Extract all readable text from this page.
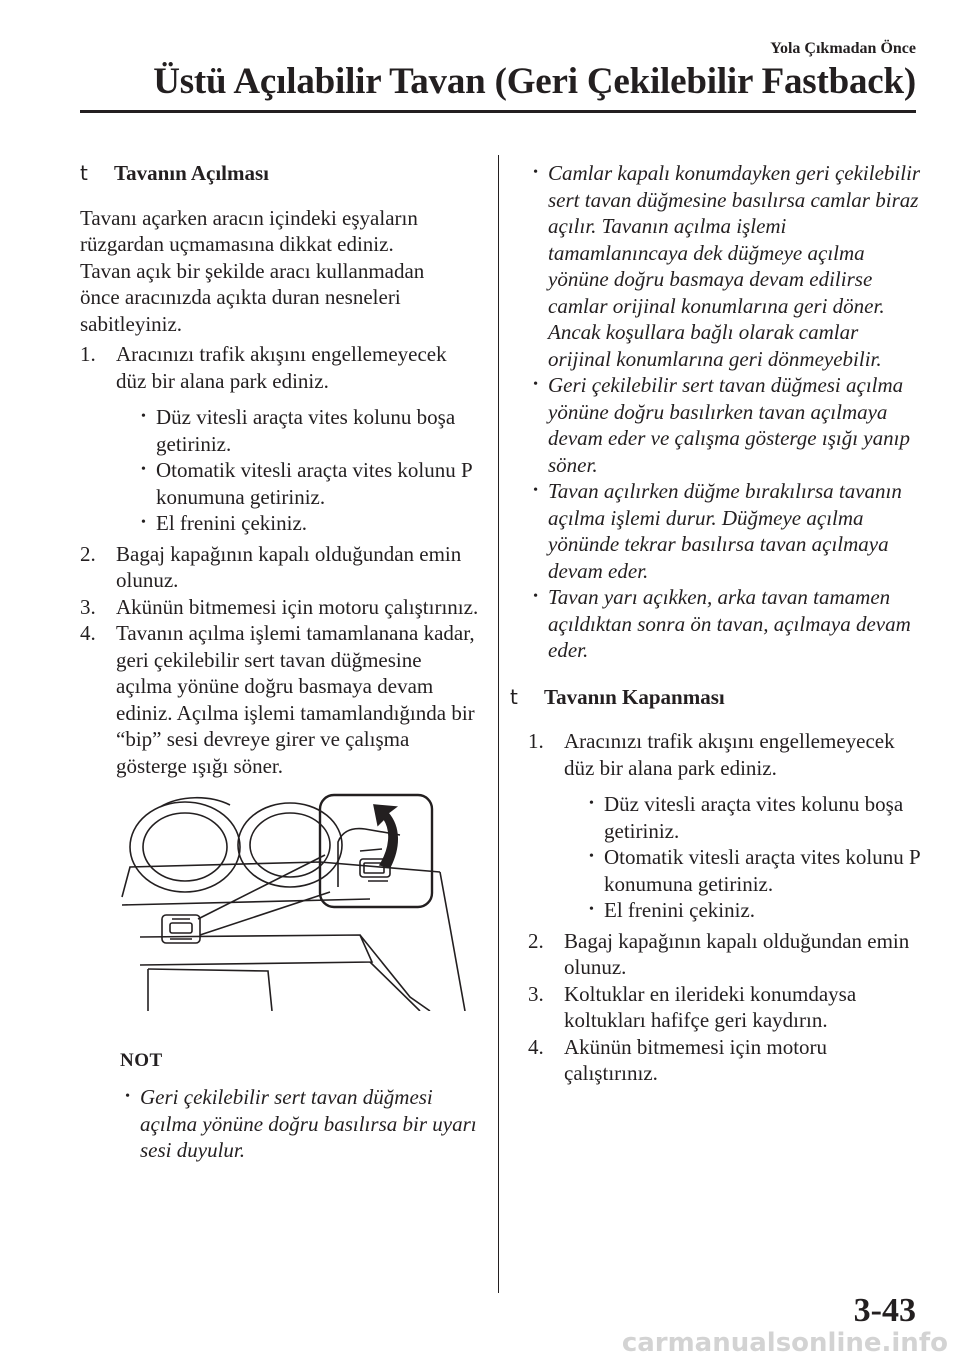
Yola Çıkmadan Önce
Üstü Açılabilir Tavan (Geri Çekilebilir Fastback)
t Tavanın Açılması
Tavanı açarken aracın içindeki eşyaların
rüzgardan uçmamasına dikkat ediniz.
Tavan açık bir şekilde aracı kullanmadan
önce aracınızda açıkta duran nesneleri
sabitleyiniz.
1. Aracınızı trafik akışını engellemeyecek düz bir alana park ediniz.
• Düz vitesli araçta vites kolunu boşa getiriniz.
• Otomatik vitesli araçta vites kolunu P konumuna getiriniz.
• El frenini çekiniz.
2. Bagaj kapağının kapalı olduğundan emin olunuz.
3. Akünün bitmemesi için motoru çalıştırınız.
4. Tavanın açılma işlemi tamamlanana kadar, geri çekilebilir sert tavan düğmesine açılma yönüne doğru basmaya devam ediniz. Açılma işlemi tamamlandığında bir “bip” sesi devreye girer ve çalışma gösterge ışığı söner.
NOT
• Geri çekilebilir sert tavan düğmesi açılma yönüne doğru basılırsa bir uyarı sesi duyulur.
• Camlar kapalı konumdayken geri çekilebilir sert tavan düğmesine basılırsa camlar biraz açılır. Tavanın açılma işlemi tamamlanıncaya dek düğmeye açılma yönüne doğru basmaya devam edilirse camlar orijinal konumlarına geri döner. Ancak koşullara bağlı olarak camlar orijinal konumlarına geri dönmeyebilir.
• Geri çekilebilir sert tavan düğmesi açılma yönüne doğru basılırken tavan açılmaya devam eder ve çalışma gösterge ışığı yanıp söner.
• Tavan açılırken düğme bırakılırsa tavanın açılma işlemi durur. Düğmeye açılma yönünde tekrar basılırsa tavan açılmaya devam eder.
• Tavan yarı açıkken, arka tavan tamamen açıldıktan sonra ön tavan, açılmaya devam eder.
t Tavanın Kapanması
1. Aracınızı trafik akışını engellemeyecek düz bir alana park ediniz.
• Düz vitesli araçta vites kolunu boşa getiriniz.
• Otomatik vitesli araçta vites kolunu P konumuna getiriniz.
• El frenini çekiniz.
2. Bagaj kapağının kapalı olduğundan emin olunuz.
3. Koltuklar en ilerideki konumdaysa koltukları hafifçe geri kaydırın.
4. Akünün bitmemesi için motoru çalıştırınız.
3-43
carmanualsonline.info
